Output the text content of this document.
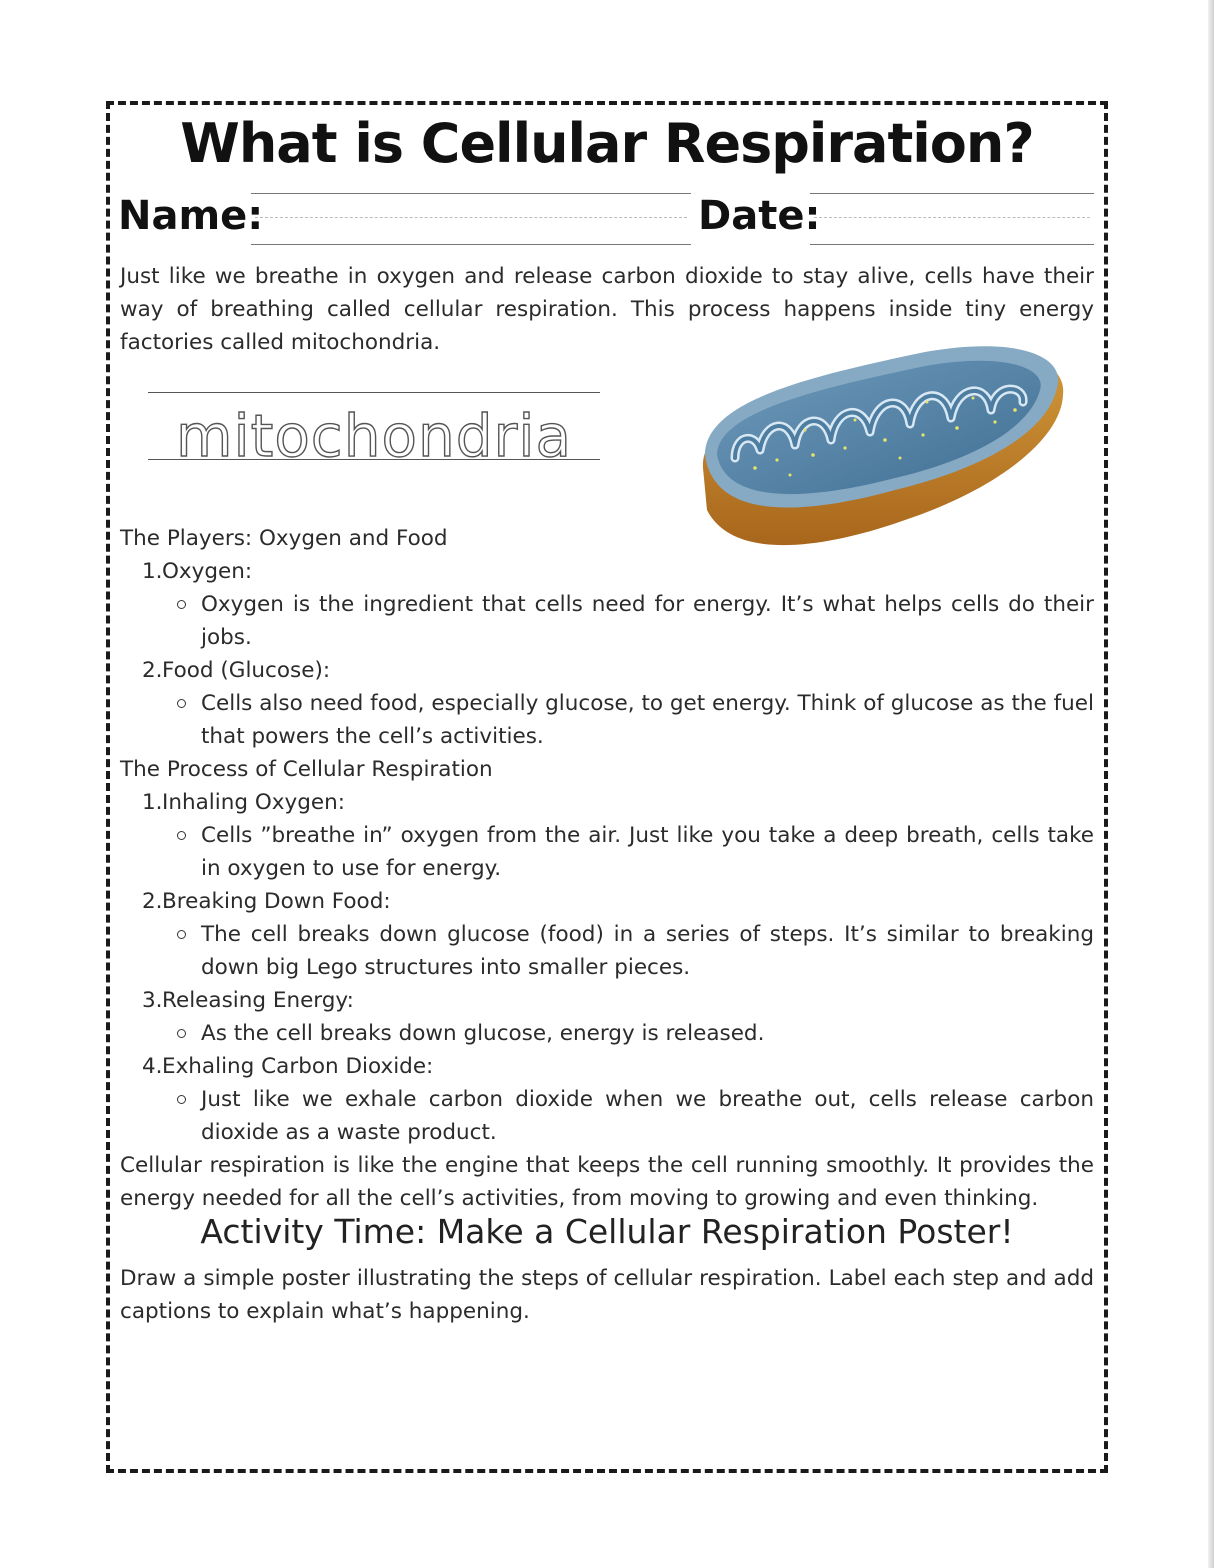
What is Cellular Respiration?
Name:	Date:

Just like we breathe in oxygen and release carbon dioxide to stay alive, cells have their way of breathing called cellular respiration. This process happens inside tiny energy factories called mitochondria.

mitochondria
The Players: Oxygen and Food
1.Oxygen:
Oxygen is the ingredient that cells need for energy. It’s what helps cells do their jobs.
2.Food (Glucose):
Cells also need food, especially glucose, to get energy. Think of glucose as the fuel that powers the cell’s activities.
The Process of Cellular Respiration
1.Inhaling Oxygen:
Cells ”breathe in” oxygen from the air. Just like you take a deep breath, cells take in oxygen to use for energy.
2.Breaking Down Food:
The cell breaks down glucose (food) in a series of steps. It’s similar to breaking down big Lego structures into smaller pieces.
3.Releasing Energy:
As the cell breaks down glucose, energy is released.
4.Exhaling Carbon Dioxide:
Just like we exhale carbon dioxide when we breathe out, cells release carbon dioxide as a waste product.
Cellular respiration is like the engine that keeps the cell running smoothly. It provides the energy needed for all the cell’s activities, from moving to growing and even thinking.
Activity Time: Make a Cellular Respiration Poster!

Draw a simple poster illustrating the steps of cellular respiration. Label each step and add captions to explain what’s happening.
